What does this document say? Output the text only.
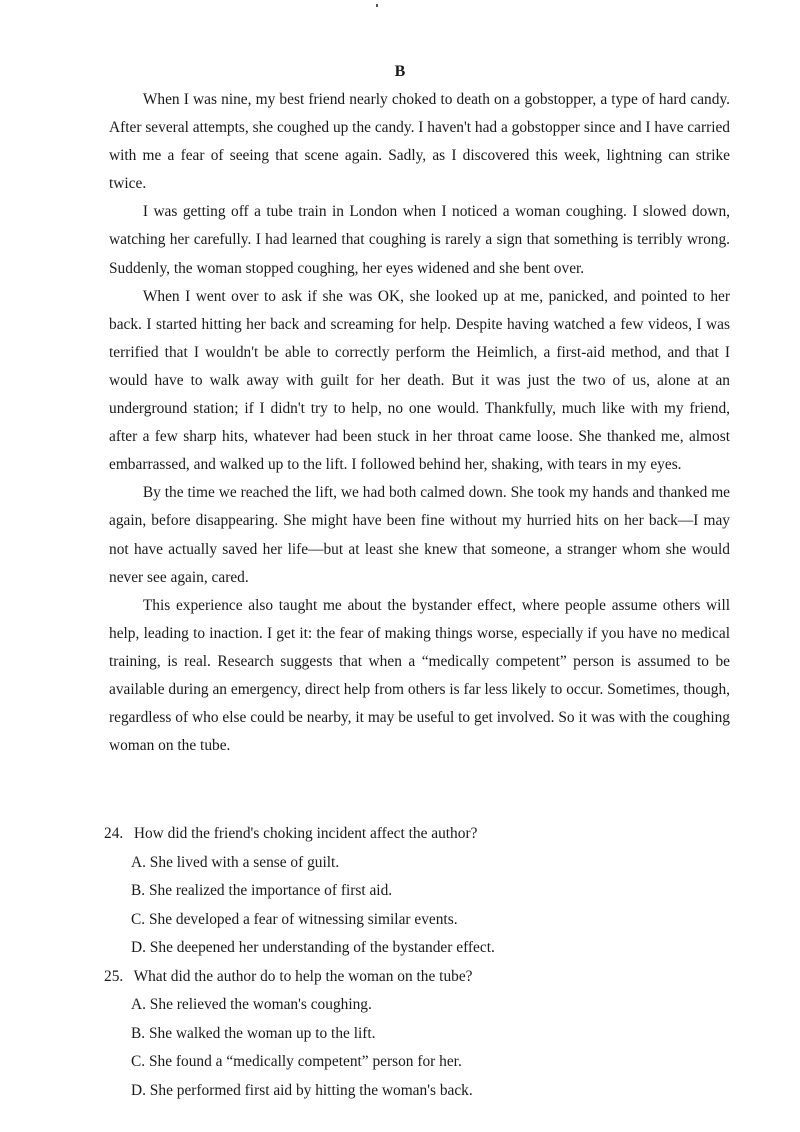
B

When I was nine, my best friend nearly choked to death on a gobstopper, a type of hard candy. After several attempts, she coughed up the candy. I haven't had a gobstopper since and I have carried with me a fear of seeing that scene again. Sadly, as I discovered this week, lightning can strike twice.

I was getting off a tube train in London when I noticed a woman coughing. I slowed down, watching her carefully. I had learned that coughing is rarely a sign that something is terribly wrong. Suddenly, the woman stopped coughing, her eyes widened and she bent over.

When I went over to ask if she was OK, she looked up at me, panicked, and pointed to her back. I started hitting her back and screaming for help. Despite having watched a few videos, I was terrified that I wouldn't be able to correctly perform the Heimlich, a first-aid method, and that I would have to walk away with guilt for her death. But it was just the two of us, alone at an underground station; if I didn't try to help, no one would. Thankfully, much like with my friend, after a few sharp hits, whatever had been stuck in her throat came loose. She thanked me, almost embarrassed, and walked up to the lift. I followed behind her, shaking, with tears in my eyes.

By the time we reached the lift, we had both calmed down. She took my hands and thanked me again, before disappearing. She might have been fine without my hurried hits on her back—I may not have actually saved her life—but at least she knew that someone, a stranger whom she would never see again, cared.

This experience also taught me about the bystander effect, where people assume others will help, leading to inaction. I get it: the fear of making things worse, especially if you have no medical training, is real. Research suggests that when a “medically competent” person is assumed to be available during an emergency, direct help from others is far less likely to occur. Sometimes, though, regardless of who else could be nearby, it may be useful to get involved. So it was with the coughing woman on the tube.

24. How did the friend's choking incident affect the author?
A. She lived with a sense of guilt.
B. She realized the importance of first aid.
C. She developed a fear of witnessing similar events.
D. She deepened her understanding of the bystander effect.
25. What did the author do to help the woman on the tube?
A. She relieved the woman's coughing.
B. She walked the woman up to the lift.
C. She found a “medically competent” person for her.
D. She performed first aid by hitting the woman's back.
